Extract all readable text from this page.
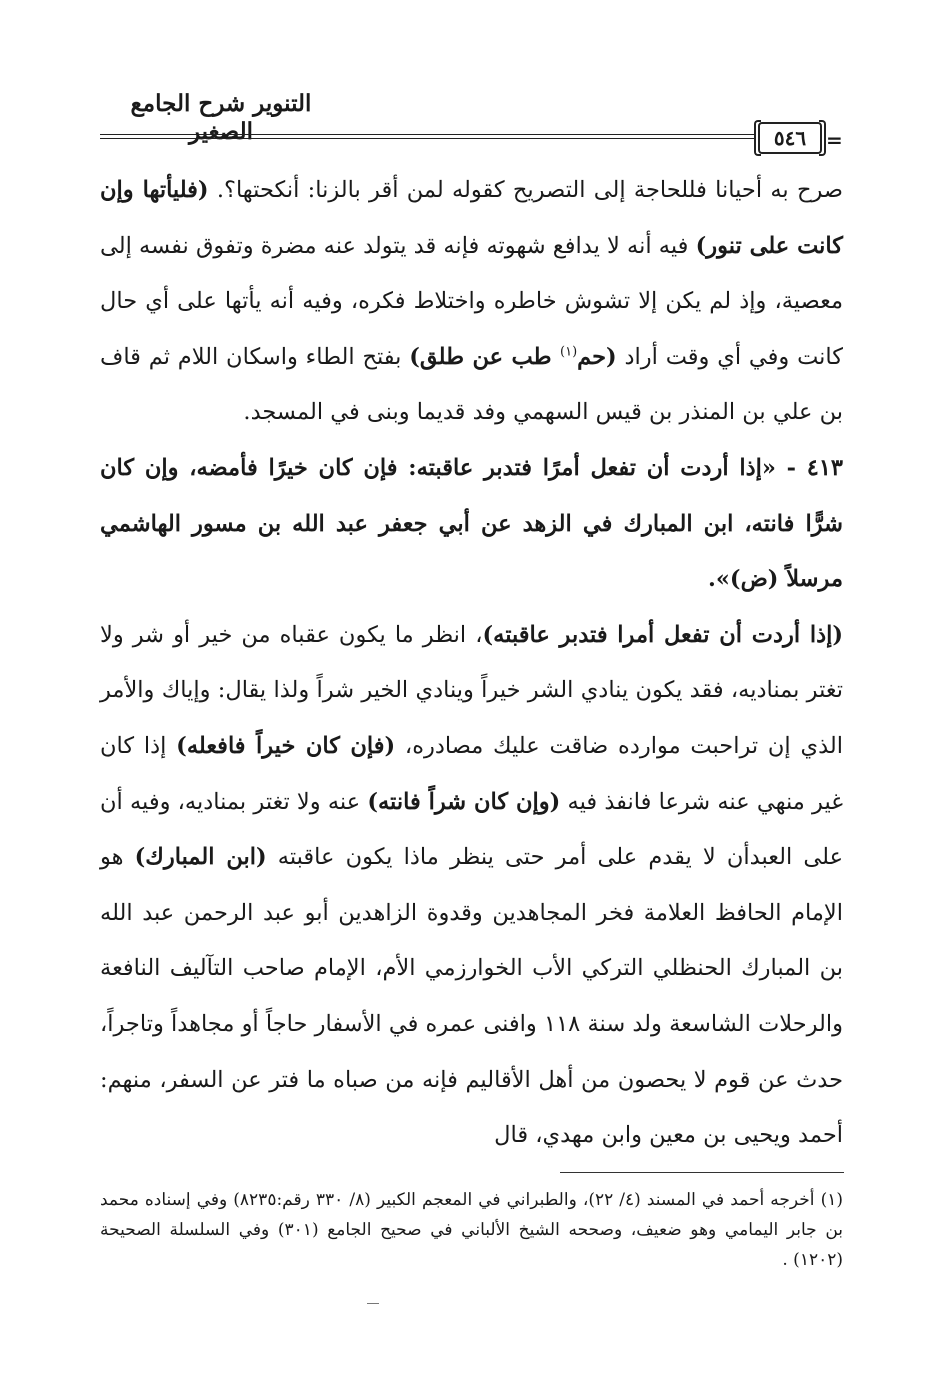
التنوير شرح الجامع الصغير	٥٤٦ =

صرح به أحيانا فللحاجة إلى التصريح كقوله لمن أقر بالزنا: أنكحتها؟. (فليأتها وإن كانت على تنور) فيه أنه لا يدافع شهوته فإنه قد يتولد عنه مضرة وتفوق نفسه إلى معصية، وإذ لم يكن إلا تشوش خاطره واختلاط فكره، وفيه أنه يأتها على أي حال كانت وفي أي وقت أراد (حم$^{(١)}$ طب عن طلق) بفتح الطاء واسكان اللام ثم قاف بن علي بن المنذر بن قيس السهمي وفد قديما وبنى في المسجد.

٤١٣ - «إذا أردت أن تفعل أمرًا فتدبر عاقبته: فإن كان خيرًا فأمضه، وإن كان شرًّا فانته، ابن المبارك في الزهد عن أبي جعفر عبد الله بن مسور الهاشمي مرسلاً (ض)».

(إذا أردت أن تفعل أمرا فتدبر عاقبته)، انظر ما يكون عقباه من خير أو شر ولا تغتر بمناديه، فقد يكون ينادي الشر خيراً وينادي الخير شراً ولذا يقال: وإياك والأمر الذي إن تراحبت موارده ضاقت عليك مصادره، (فإن كان خيراً فافعله) إذا كان غير منهي عنه شرعا فانفذ فيه (وإن كان شراً فانته) عنه ولا تغتر بمناديه، وفيه أن على العبدأن لا يقدم على أمر حتى ينظر ماذا يكون عاقبته (ابن المبارك) هو الإمام الحافظ العلامة فخر المجاهدين وقدوة الزاهدين أبو عبد الرحمن عبد الله بن المبارك الحنظلي التركي الأب الخوارزمي الأم، الإمام صاحب التآليف النافعة والرحلات الشاسعة ولد سنة ١١٨ وافنى عمره في الأسفار حاجاً أو مجاهداً وتاجراً، حدث عن قوم لا يحصون من أهل الأقاليم فإنه من صباه ما فتر عن السفر، منهم: أحمد ويحيى بن معين وابن مهدي، قال

(١) أخرجه أحمد في المسند (٤/ ٢٢)، والطبراني في المعجم الكبير (٨/ ٣٣٠ رقم:٨٢٣٥) وفي إسناده محمد بن جابر اليمامي وهو ضعيف، وصححه الشيخ الألباني في صحيح الجامع (٣٠١) وفي السلسلة الصحيحة (١٢٠٢) .
